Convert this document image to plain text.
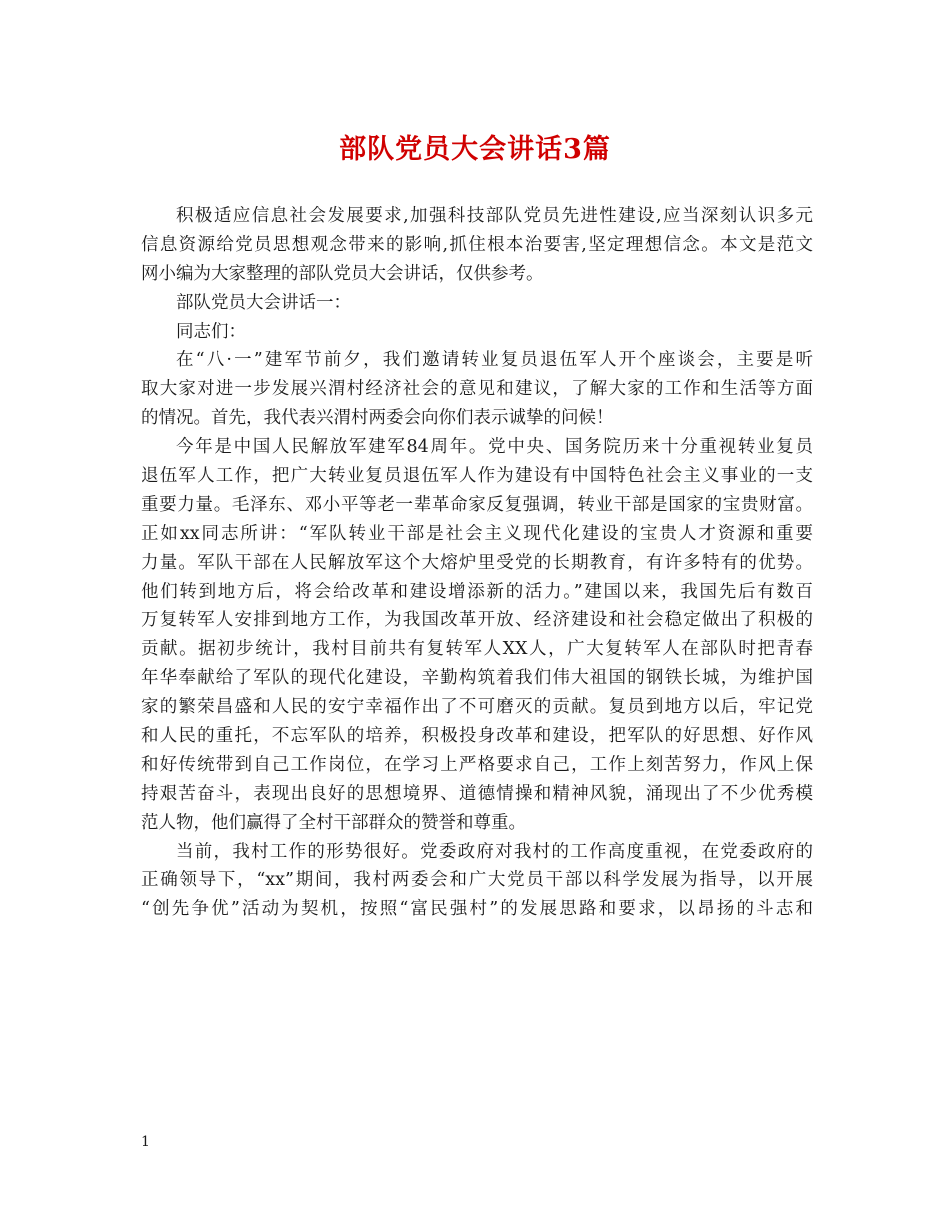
部队党员大会讲话3篇
积极适应信息社会发展要求,加强科技部队党员先进性建设,应当深刻认识多元
信息资源给党员思想观念带来的影响,抓住根本治要害,坚定理想信念。本文是范文
网小编为大家整理的部队党员大会讲话，仅供参考。
部队党员大会讲话一：
同志们：
在“八·一”建军节前夕，我们邀请转业复员退伍军人开个座谈会，主要是听
取大家对进一步发展兴渭村经济社会的意见和建议，了解大家的工作和生活等方面
的情况。首先，我代表兴渭村两委会向你们表示诚挚的问候！
今年是中国人民解放军建军84周年。党中央、国务院历来十分重视转业复员
退伍军人工作，把广大转业复员退伍军人作为建设有中国特色社会主义事业的一支
重要力量。毛泽东、邓小平等老一辈革命家反复强调，转业干部是国家的宝贵财富。
正如xx同志所讲：“军队转业干部是社会主义现代化建设的宝贵人才资源和重要
力量。军队干部在人民解放军这个大熔炉里受党的长期教育，有许多特有的优势。
他们转到地方后，将会给改革和建设增添新的活力。”建国以来，我国先后有数百
万复转军人安排到地方工作，为我国改革开放、经济建设和社会稳定做出了积极的
贡献。据初步统计，我村目前共有复转军人XX人，广大复转军人在部队时把青春
年华奉献给了军队的现代化建设，辛勤构筑着我们伟大祖国的钢铁长城，为维护国
家的繁荣昌盛和人民的安宁幸福作出了不可磨灭的贡献。复员到地方以后，牢记党
和人民的重托，不忘军队的培养，积极投身改革和建设，把军队的好思想、好作风
和好传统带到自己工作岗位，在学习上严格要求自己，工作上刻苦努力，作风上保
持艰苦奋斗，表现出良好的思想境界、道德情操和精神风貌，涌现出了不少优秀模
范人物，他们赢得了全村干部群众的赞誉和尊重。
当前，我村工作的形势很好。党委政府对我村的工作高度重视，在党委政府的
正确领导下，“xx”期间，我村两委会和广大党员干部以科学发展为指导，以开展
“创先争优”活动为契机，按照“富民强村”的发展思路和要求，以昂扬的斗志和
1
